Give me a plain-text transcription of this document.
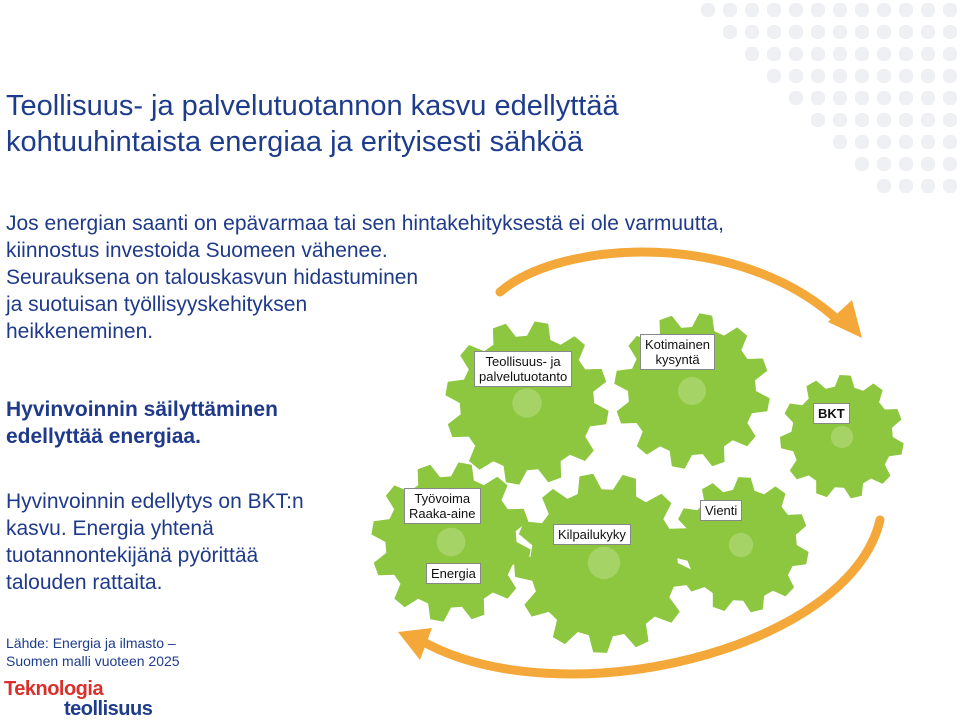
Teollisuus- ja palvelutuotannon kasvu edellyttää
kohtuuhintaista energiaa ja erityisesti sähköä
Jos energian saanti on epävarmaa tai sen hintakehityksestä ei ole varmuutta,
kiinnostus investoida Suomeen vähenee.
Seurauksena on talouskasvun hidastuminen
ja suotuisan työllisyyskehityksen
heikkeneminen.
Hyvinvoinnin säilyttäminen
edellyttää energiaa.
Hyvinvoinnin edellytys on BKT:n
kasvu. Energia yhtenä
tuotannontekijänä pyörittää
talouden rattaita.
Lähde: Energia ja ilmasto –
Suomen malli vuoteen 2025
Teknologia
teollisuus
Teollisuus- ja
palvelutuotanto
Kotimainen
kysyntä
BKT
Työvoima
Raaka-aine
Energia
Kilpailukyky
Vienti
